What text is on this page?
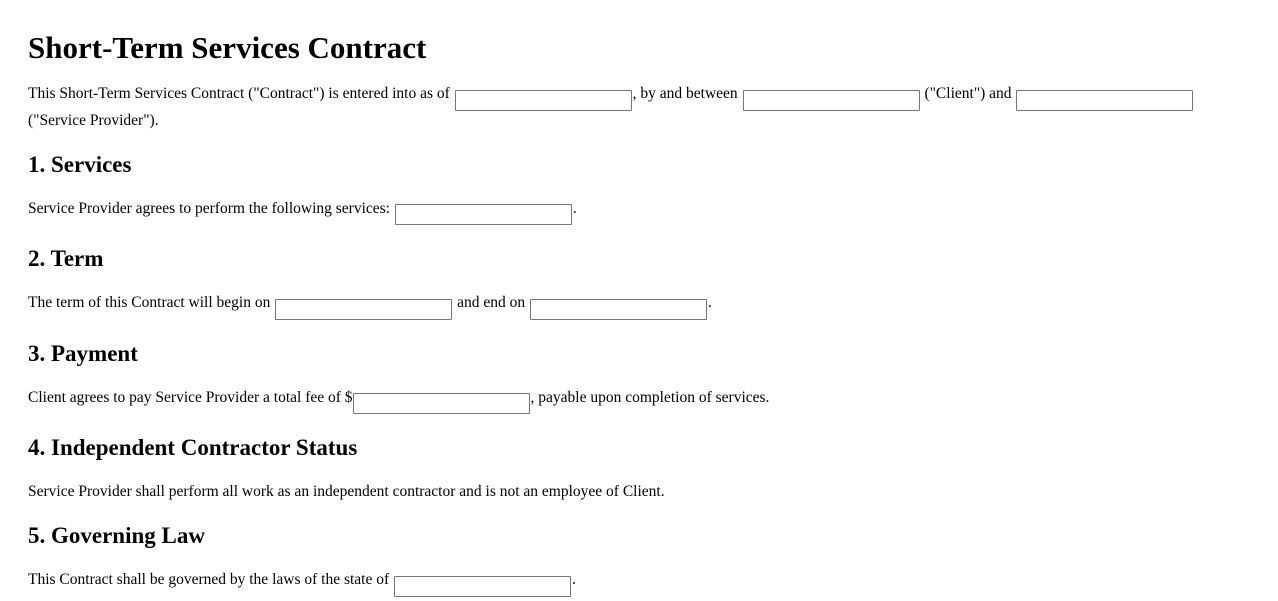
Short-Term Services Contract

This Short-Term Services Contract ("Contract") is entered into as of	, by and between	("Client") and  ("Service Provider").

1. Services

Service Provider agrees to perform the following services:	.

2. Term

The term of this Contract will begin on	and end on	.

3. Payment

Client agrees to pay Service Provider a total fee of $	, payable upon completion of services.

4. Independent Contractor Status

Service Provider shall perform all work as an independent contractor and is not an employee of Client.

5. Governing Law

This Contract shall be governed by the laws of the state of	.
